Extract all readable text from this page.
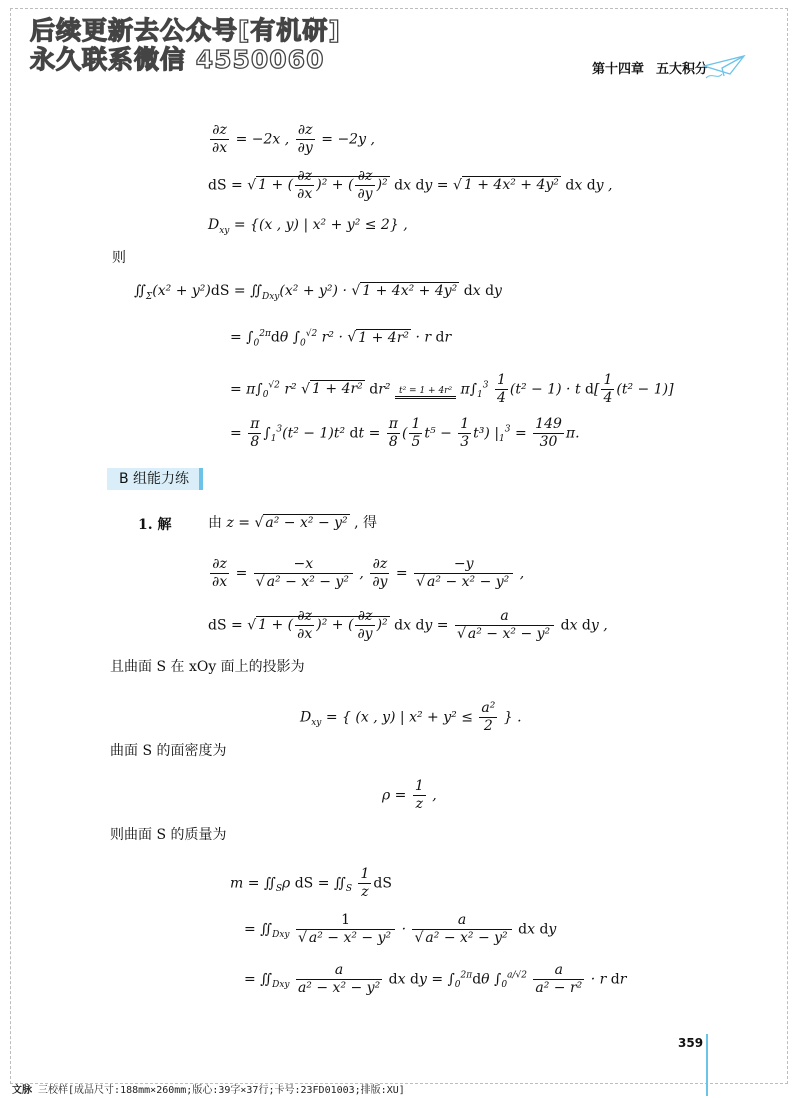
后续更新去公众号[有机研]
永久联系微信 4550060	第十四章 五大积分
$\frac{\partial z}{\partial x} = -2x$ , $\frac{\partial z}{\partial y} = -2y$ ,
dS = √ 1 + ( $\frac{\partial z}{\partial x} )^2$ + ( $\frac{\partial z}{\partial y} )^2$ dx dy = √ 1 + 4x² + 4y² dx dy ,
$D_{xy} = \{(x$ , y) | x² + y² ≤ 2} ,
则
$∬_\Sigma(x^2 + y^2)dS$ = $∬_{Dxy}(x^2 + y^2)$ · √ 1 + 4x² + 4y² dx dy
= $\int_0^{2\pi}d\theta$ $\int_0^{√2}$ r² · √ 1 + 4r² · r dr
= $\pi\int_0^{√2}$ r² √ 1 + 4r² dr² t² = 1 + 4r² $\pi\int_1^3 \frac{1}{4} (t^2 - 1) \cdot t$ $d[ \frac{1}{4} (t^2 - 1)]$
= $\frac{\pi}{8} \int_1^3(t^2 - 1)t^2$ dt = $\frac{\pi}{8}$ ( $\frac{1}{5} t^5 - \frac{1}{3} t^3$) $|_1^3 = \frac{149}{30} \pi$.
B 组能力练
1. 解	由 z = √ a² − x² − y² , 得
$\frac{\partial z}{\partial x} = \frac{-x}{\text{√ a² − x² − y²}}$ , $\frac{\partial z}{\partial y} = \frac{-y}{\text{√ a² − x² − y²}}$ ,
dS = √ 1 + ( $\frac{\partial z}{\partial x} )^2$ + ( $\frac{\partial z}{\partial y} )^2$ dx dy = $\frac{a}{\text{√ a² − x² − y²}}$ dx dy ,
且曲面 S 在 xOy 面上的投影为
$D_{xy}$ = { (x , y) | $x^2 + y^2 \le \frac{\text{a²}}{2}$ } .
曲面 S 的面密度为
$\rho = \frac{1}{z}$ ,
则曲面 S 的质量为
$m = ∬_S\rho$ dS = $∬_S \frac{1}{z}$ dS
= $∬_{Dxy} \frac{1}{\text{√ a² − x² − y²}} \cdot \frac{a}{\text{√ a² − x² − y²}}$ dx dy
= $∬_{Dxy} \frac{a}{\text{a² − x² − y²}}$ dx dy = $\int_0^{2\pi}d\theta$ $\int_0^{a/√2} \frac{a}{\text{a² − r²}} \cdot r$ dr
359
文脉 三校样[成品尺寸:188mm×260mm;版心:39字×37行;卡号:23FD01003;排版:XU]
